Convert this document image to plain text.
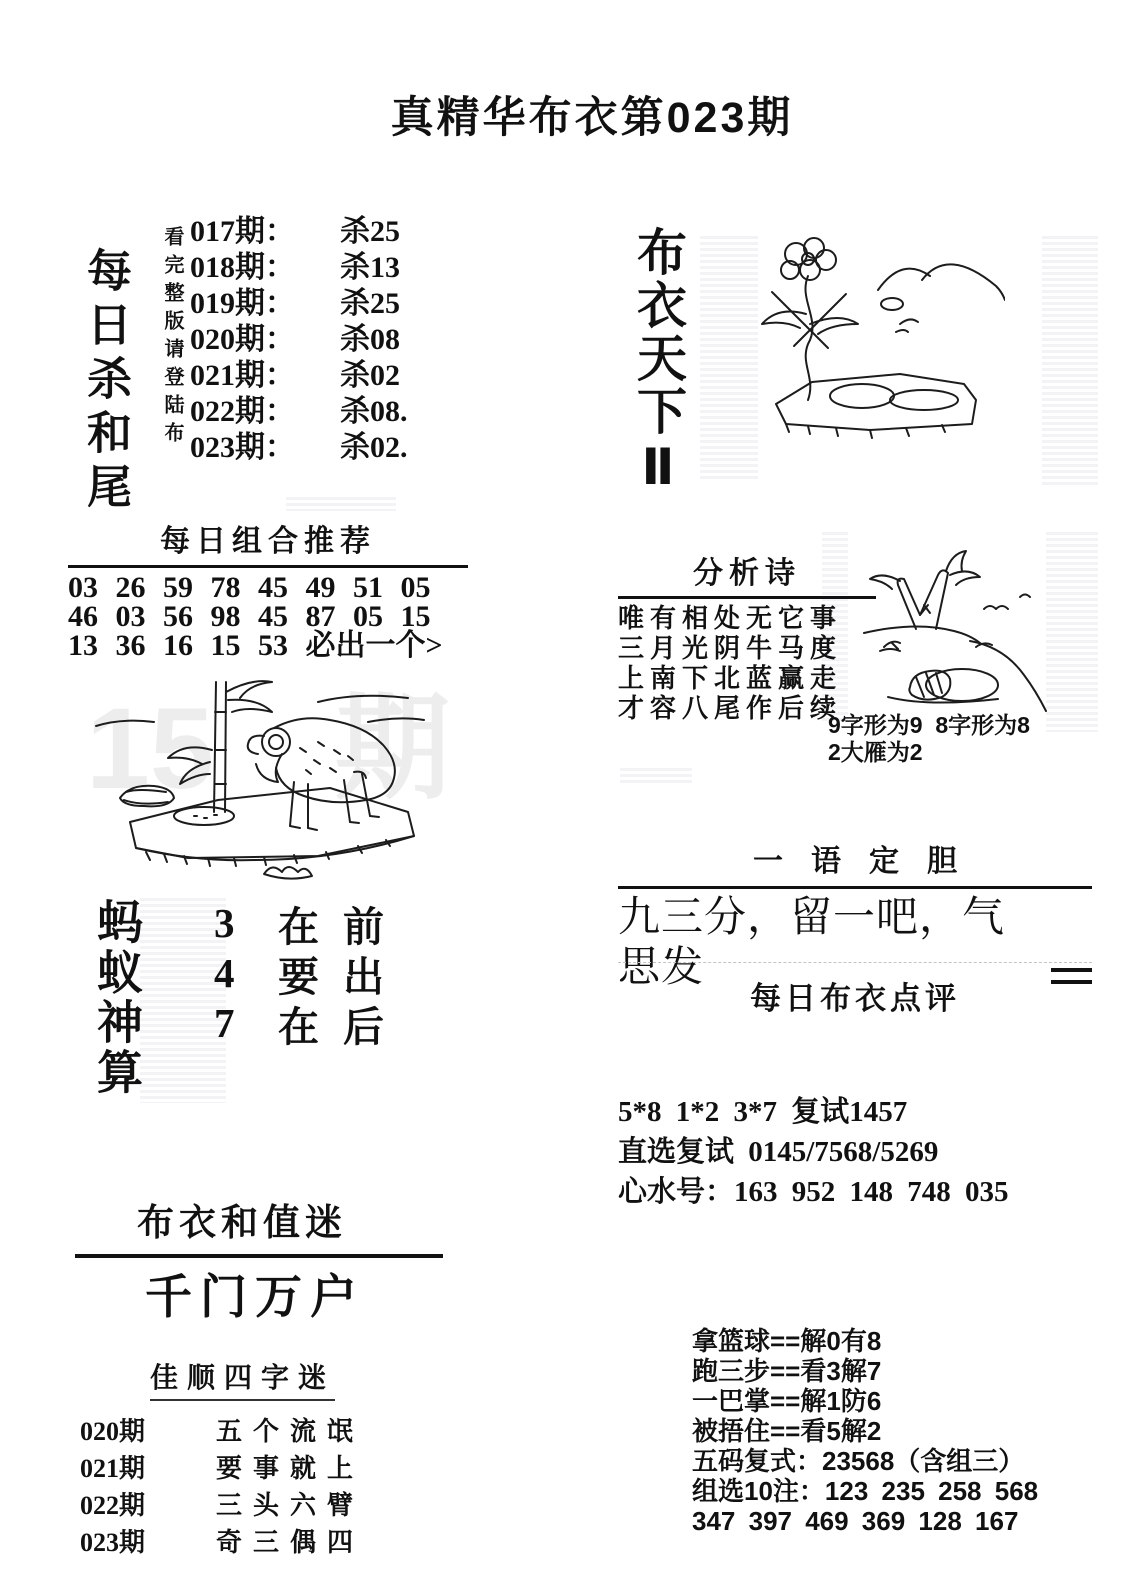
真精华布衣第023期
每日杀和尾 看完整版请登陆布 017期：	杀25
018期：	杀13
019期：	杀25
020期：	杀08
021期：	杀02
022期：	杀08.
023期：	杀02.
每日组合推荐
03 26 59 78 45 49 51 05
46 03 56 98 45 87 05 15
13 36 16 15 53 必出一个>
15 期
蚂蚁神算 3	在前
4	要出
7	在后
布衣和值迷
千门万户
佳顺四字迷
020期	五个流氓
021期	要事就上
022期	三头六臂
023期	奇三偶四
布衣天下Ⅱ
分析诗
唯有相处无它事
三月光阴牛马度
上南下北蓝赢走
才容八尾作后续
9字形为9  8字形为8
2大雁为2
一语定胆
九三分，留一吧，气思发
每日布衣点评
5*8 1*2 3*7 复试1457
直选复试 0145/7568/5269
心水号：163 952 148 748 035
拿篮球==解0有8
跑三步==看3解7
一巴掌==解1防6
被捂住==看5解2
五码复式：23568（含组三）
组选10注：123 235 258 568
347 397 469 369 128 167
